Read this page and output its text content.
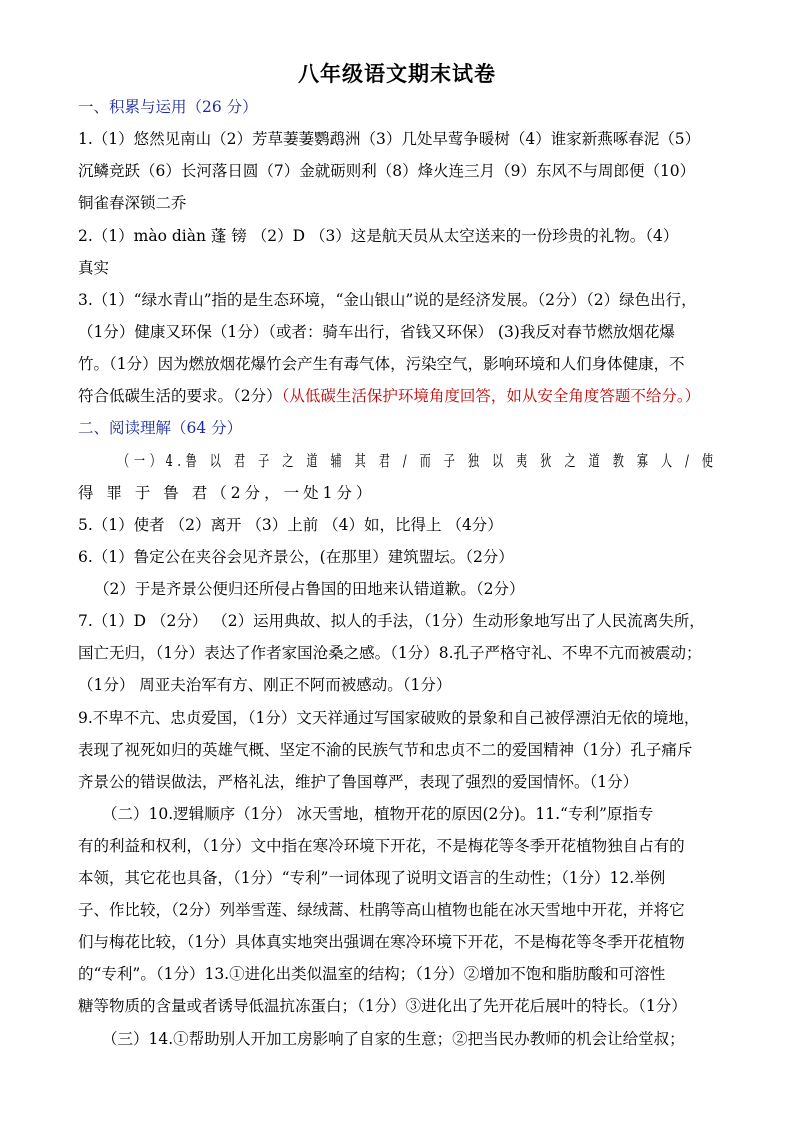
八年级语文期末试卷
一、积累与运用（26 分）
1.（1）悠然见南山（2）芳草萋萋鹦鹉洲（3）几处早莺争暖树（4）谁家新燕啄春泥（5）
沉鳞竞跃（6）长河落日圆（7）金就砺则利（8）烽火连三月（9）东风不与周郎便（10）
铜雀春深锁二乔
2.（1）mào diàn 蓬 镑 （2）D （3）这是航天员从太空送来的一份珍贵的礼物。（4）
真实
3.（1）“绿水青山”指的是生态环境，“金山银山”说的是经济发展。（2分）（2）绿色出行，
（1分）健康又环保（1分）（或者：骑车出行，省钱又环保） (3)我反对春节燃放烟花爆
竹。（1分）因为燃放烟花爆竹会产生有毒气体，污染空气，影响环境和人们身体健康，不
符合低碳生活的要求。（2分）（从低碳生活保护环境角度回答，如从安全角度答题不给分。）
二、阅读理解（64 分）
（一）4.鲁 以 君 子 之 道 辅 其 君 / 而 子 独 以 夷 狄 之 道 教 寡 人 / 使
得 罪 于 鲁 君（2分，一处1分）
5.（1）使者 （2）离开 （3）上前 （4）如，比得上 （4分）
6.（1）鲁定公在夹谷会见齐景公，(在那里）建筑盟坛。（2分）
（2）于是齐景公便归还所侵占鲁国的田地来认错道歉。（2分）
7.（1）D （2分） （2）运用典故、拟人的手法，（1分）生动形象地写出了人民流离失所，
国亡无归，（1分）表达了作者家国沧桑之感。（1分）8.孔子严格守礼、不卑不亢而被震动；
（1分） 周亚夫治军有方、刚正不阿而被感动。（1分）
9.不卑不亢、忠贞爱国，（1分）文天祥通过写国家破败的景象和自己被俘漂泊无依的境地，
表现了视死如归的英雄气概、坚定不渝的民族气节和忠贞不二的爱国精神（1分）孔子痛斥
齐景公的错误做法，严格礼法，维护了鲁国尊严，表现了强烈的爱国情怀。（1分）
（二）10.逻辑顺序（1分） 冰天雪地，植物开花的原因(2分)。11.“专利”原指专
有的利益和权利，（1分）文中指在寒冷环境下开花，不是梅花等冬季开花植物独自占有的
本领，其它花也具备，（1分）“专利”一词体现了说明文语言的生动性；（1分）12.举例
子、作比较，（2分）列举雪莲、绿绒蒿、杜鹃等高山植物也能在冰天雪地中开花，并将它
们与梅花比较，（1分）具体真实地突出强调在寒冷环境下开花，不是梅花等冬季开花植物
的“专利”。（1分）13.①进化出类似温室的结构；（1分）②增加不饱和脂肪酸和可溶性
糖等物质的含量或者诱导低温抗冻蛋白；（1分）③进化出了先开花后展叶的特长。（1分）
（三）14.①帮助别人开加工房影响了自家的生意；②把当民办教师的机会让给堂叔；
